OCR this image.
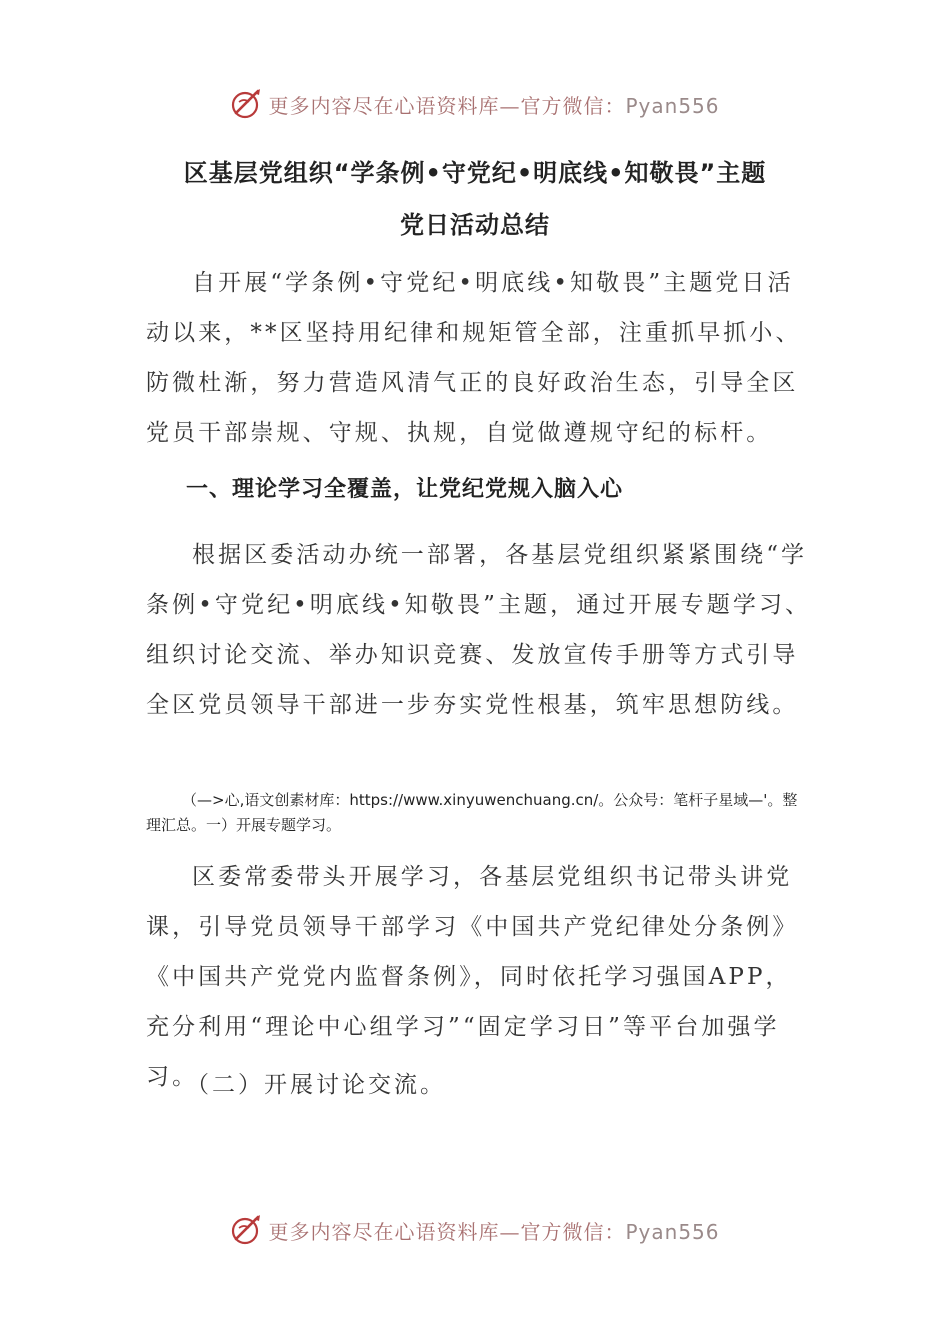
更多内容尽在心语资料库—官方微信：Pyan556
区基层党组织“学条例•守党纪•明底线•知敬畏”主题
党日活动总结

自开展“学条例•守党纪•明底线•知敬畏”主题党日活动以来，**区坚持用纪律和规矩管全部，注重抓早抓小、防微杜渐，努力营造风清气正的良好政治生态，引导全区党员干部崇规、守规、执规，自觉做遵规守纪的标杆。

一、理论学习全覆盖，让党纪党规入脑入心

根据区委活动办统一部署，各基层党组织紧紧围绕“学条例•守党纪•明底线•知敬畏”主题，通过开展专题学习、组织讨论交流、举办知识竞赛、发放宣传手册等方式引导全区党员领导干部进一步夯实党性根基，筑牢思想防线。

（—>心,语文创素材库：https://www.xinyuwenchuang.cn/。公众号：笔杆子星域—'。整理汇总。一）开展专题学习。

区委常委带头开展学习，各基层党组织书记带头讲党课，引导党员领导干部学习《中国共产党纪律处分条例》《中国共产党党内监督条例》，同时依托学习强国APP，充分利用“理论中心组学习”“固定学习日”等平台加强学习。

（二）开展讨论交流。

更多内容尽在心语资料库—官方微信：Pyan556
